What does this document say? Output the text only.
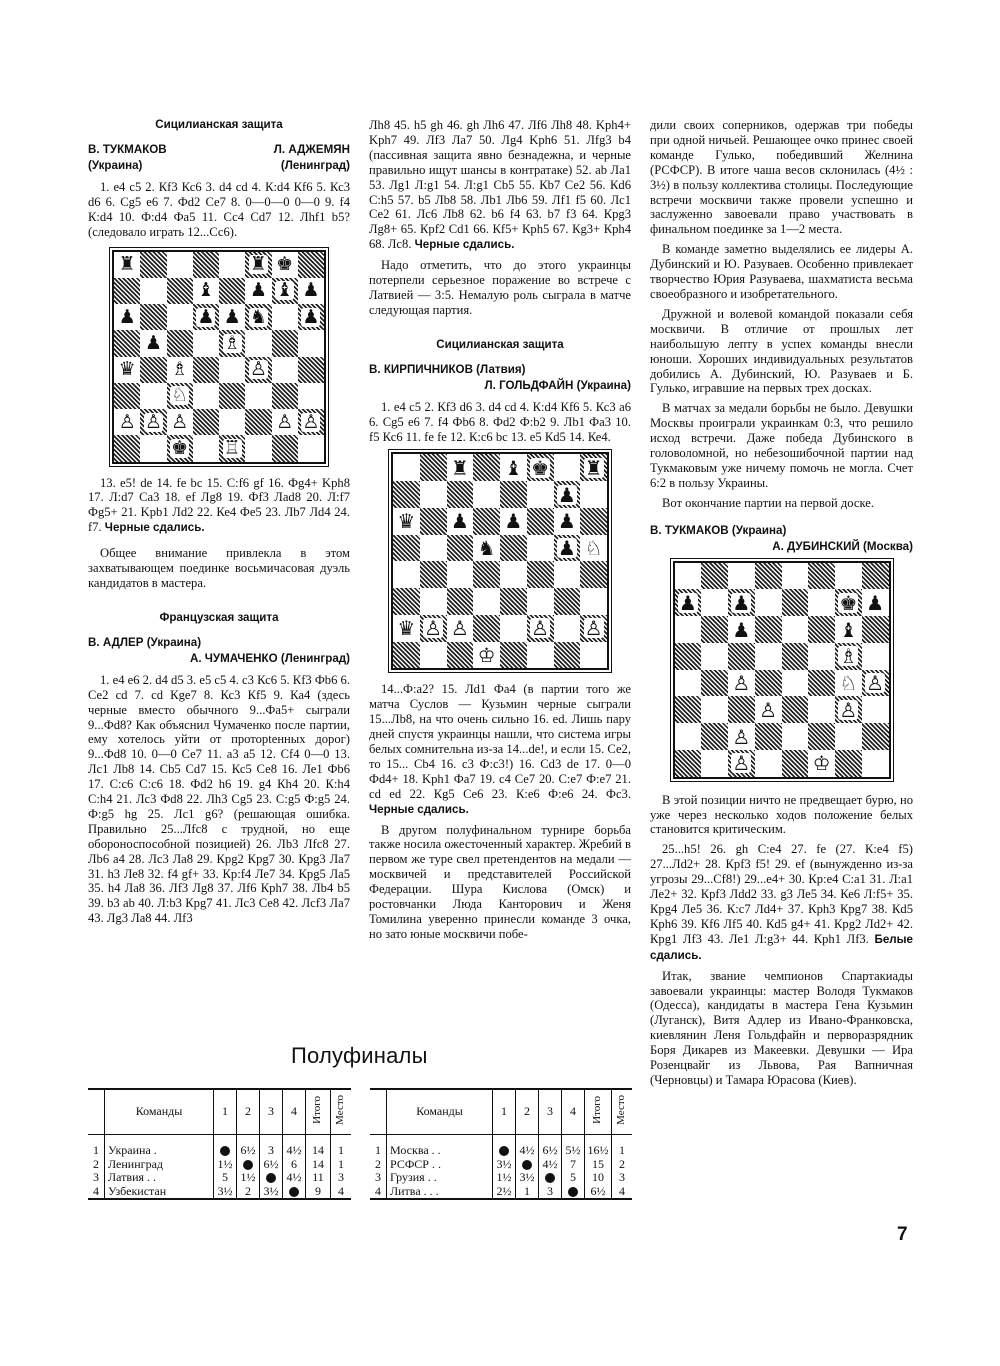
Сицилианская защита
В. ТУКМАКОВ	Л. АДЖЕМЯН
(Украина)	(Ленинград)

1. e4 c5 2. Кf3 Кс6 3. d4 cd 4. К:d4 Кf6 5. Кс3 d6 6. Cg5 e6 7. Фd2 Се7 8. 0—0—0 0—0 9. f4 К:d4 10. Ф:d4 Фа5 11. Сс4 Cd7 12. Лhf1 b5? (следовало играть 12...Сс6).

♜	♜ ♚
♝ ♟ ♝ ♟
♟	♟ ♟ ♞ ♟
♟	♗
♛ ♗	♙
♘
♙ ♙ ♙	♙ ♙
♚ ♖

13. e5! de 14. fe bc 15. C:f6 gf 16. Фg4+ Kph8 17. Л:d7 Са3 18. ef Лg8 19. Фf3 Лаd8 20. Л:f7 Фg5+ 21. Kpb1 Лd2 22. Ке4 Фе5 23. Лb7 Лd4 24. f7. Черные сдались.

Общее внимание привлекла в этом захватывающем поединке восьмичасовая дуэль кандидатов в мастера.

Французская защита
В. АДЛЕР (Украина)
А. ЧУМАЧЕНКО (Ленинград)

1. e4 e6 2. d4 d5 3. e5 c5 4. c3 Кс6 5. Кf3 Фb6 6. Се2 cd 7. cd Кge7 8. Кс3 Кf5 9. Ка4 (здесь черные вместо обычного 9...Фа5+ сыграли 9...Фd8? Как объяснил Чумаченко после партии, ему хотелось уйти от протоptенных дорог) 9...Фd8 10. 0—0 Се7 11. а3 а5 12. Cf4 0—0 13. Лс1 Лb8 14. Cb5 Cd7 15. Кс5 Се8 16. Ле1 Фb6 17. С:с6 С:с6 18. Фd2 h6 19. g4 Кh4 20. К:h4 С:h4 21. Лс3 Фd8 22. Лh3 Cg5 23. C:g5 Ф:g5 24. Ф:g5 hg 25. Лс1 g6? (решающая ошибка. Правильно 25...Лfc8 с трудной, но еще обороноспособной позицией) 26. Лb3 Лfc8 27. Лb6 а4 28. Лс3 Ла8 29. Кpg2 Кpg7 30. Кpg3 Ла7 31. h3 Ле8 32. f4 gf+ 33. Кр:f4 Ле7 34. Кpg5 Ла5 35. h4 Ла8 36. Лf3 Лg8 37. Лf6 Кph7 38. Лb4 b5 39. b3 ab 40. Л:b3 Кpg7 41. Лс3 Се8 42. Лсf3 Ла7 43. Лg3 Ла8 44. Лf3

Лh8 45. h5 gh 46. gh Лh6 47. Лf6 Лh8 48. Kph4+ Kph7 49. Лf3 Ла7 50. Лg4 Kph6 51. Лfg3 b4 (пассивная защита явно безнадежна, и черные правильно ищут шансы в контратаке) 52. ab Ла1 53. Лg1 Л:g1 54. Л:g1 Cb5 55. Кb7 Се2 56. Кd6 С:h5 57. b5 Лb8 58. Лb1 Лb6 59. Лf1 f5 60. Лс1 Се2 61. Лс6 Лb8 62. b6 f4 63. b7 f3 64. Кpg3 Лg8+ 65. Кpf2 Cd1 66. Кf5+ Кph5 67. Кg3+ Кph4 68. Лс8. Черные сдались.

Надо отметить, что до этого украинцы потерпели серьезное поражение во встрече с Латвией — 3:5. Немалую роль сыграла в матче следующая партия.

Сицилианская защита
В. КИРПИЧНИКОВ (Латвия)
Л. ГОЛЬДФАЙН (Украина)

1. e4 c5 2. Кf3 d6 3. d4 cd 4. К:d4 Кf6 5. Кс3 а6 6. Cg5 e6 7. f4 Фb6 8. Фd2 Ф:b2 9. Лb1 Фа3 10. f5 Кс6 11. fe fe 12. К:с6 bc 13. e5 Кd5 14. Ке4.

♜ ♝ ♚ ♜
♟
♛ ♟ ♟ ♟
♞	♟ ♘
♛ ♙ ♙	♙ ♙
♔

14...Ф:а2? 15. Лd1 Фа4 (в партии того же матча Суслов — Кузьмин черные сыграли 15...Лb8, на что очень сильно 16. ed. Лишь пару дней спустя украинцы нашли, что система игры белых сомнительна из-за 14...de!, и если 15. Се2, то 15... Cb4 16. c3 Ф:с3!) 16. Cd3 de 17. 0—0 Фd4+ 18. Kph1 Фа7 19. c4 Се7 20. С:е7 Ф:е7 21. cd ed 22. Кg5 Сe6 23. К:е6 Ф:е6 24. Фс3. Черные сдались.

В другом полуфинальном турнире борьба также носила ожесточенный характер. Жребий в первом же туре свел претендентов на медали — москвичей и представителей Российской Федерации. Шура Кислова (Омск) и ростовчанки Люда Канторович и Женя Томилина уверенно принесли команде 3 очка, но зато юные москвичи побе-

дили своих соперников, одержав три победы при одной ничьей. Решающее очко принес своей команде Гулько, победивший Желнина (РСФСР). В итоге чаша весов склонилась (4½ : 3½) в пользу коллектива столицы. Последующие встречи москвичи также провели успешно и заслуженно завоевали право участвовать в финальном поединке за 1—2 места.

В команде заметно выделялись ее лидеры А. Дубинский и Ю. Разуваев. Особенно привлекает творчество Юрия Разуваева, шахматиста весьма своеобразного и изобретательного.

Дружной и волевой командой показали себя москвичи. В отличие от прошлых лет наибольшую лепту в успех команды внесли юноши. Хороших индивидуальных результатов добились А. Дубинский, Ю. Разуваев и Б. Гулько, игравшие на первых трех досках.

В матчах за медали борьбы не было. Девушки Москвы проиграли украинкам 0:3, что решило исход встречи. Даже победа Дубинского в головоломной, но небезошибочной партии над Тукмаковым уже ничему помочь не могла. Счет 6:2 в пользу Украины.

Вот окончание партии на первой доске.

В. ТУКМАКОВ (Украина)
А. ДУБИНСКИЙ (Москва)
♟ ♟	♚ ♟
♟	♝
♗
♙	♘ ♙
♙	♙
♙
♙	♔

В этой позиции ничто не предвещает бурю, но уже через несколько ходов положение белых становится критическим.

25...h5! 26. gh С:е4 27. fe (27. К:е4 f5) 27...Лd2+ 28. Кpf3 f5! 29. ef (вынужденно из-за угрозы 29...Сf8!) 29...е4+ 30. Кр:е4 С:а1 31. Л:а1 Ле2+ 32. Кpf3 Лdd2 33. g3 Ле5 34. Ке6 Л:f5+ 35. Кpg4 Ле5 36. К:с7 Лd4+ 37. Кph3 Кpg7 38. Кd5 Кph6 39. Кf6 Лf5 40. Кd5 g4+ 41. Кpg2 Лd2+ 42. Кpg1 Лf3 43. Ле1 Л:g3+ 44. Кph1 Лf3. Белые сдались.

Итак, звание чемпионов Спартакиады завоевали украинцы: мастер Володя Тукмаков (Одесса), кандидаты в мастера Гена Кузьмин (Луганск), Витя Адлер из Ивано-Франковска, киевлянин Леня Гольдфайн и перворазрядник Боря Дикарев из Макеевки. Девушки — Ира Розенцвайг из Львова, Рая Вапничная (Черновцы) и Тамара Юрасова (Киев).

Полуфиналы
	Команды	1	2	3	4	Итого	Место
1	Украина .		6½	3	4½	14	1
2	Ленинград	1½		6½	6	14	1
3	Латвия . .	5	1½		4½	11	3
4	Узбекистан	3½	2	3½		9	4
	Команды	1	2	3	4	Итого	Место
1	Москва . .		4½	6½	5½	16½	1
2	РСФСР . .	3½		4½	7	15	2
3	Грузия . .	1½	3½		5	10	3
4	Литва . . .	2½	1	3		6½	4
7
